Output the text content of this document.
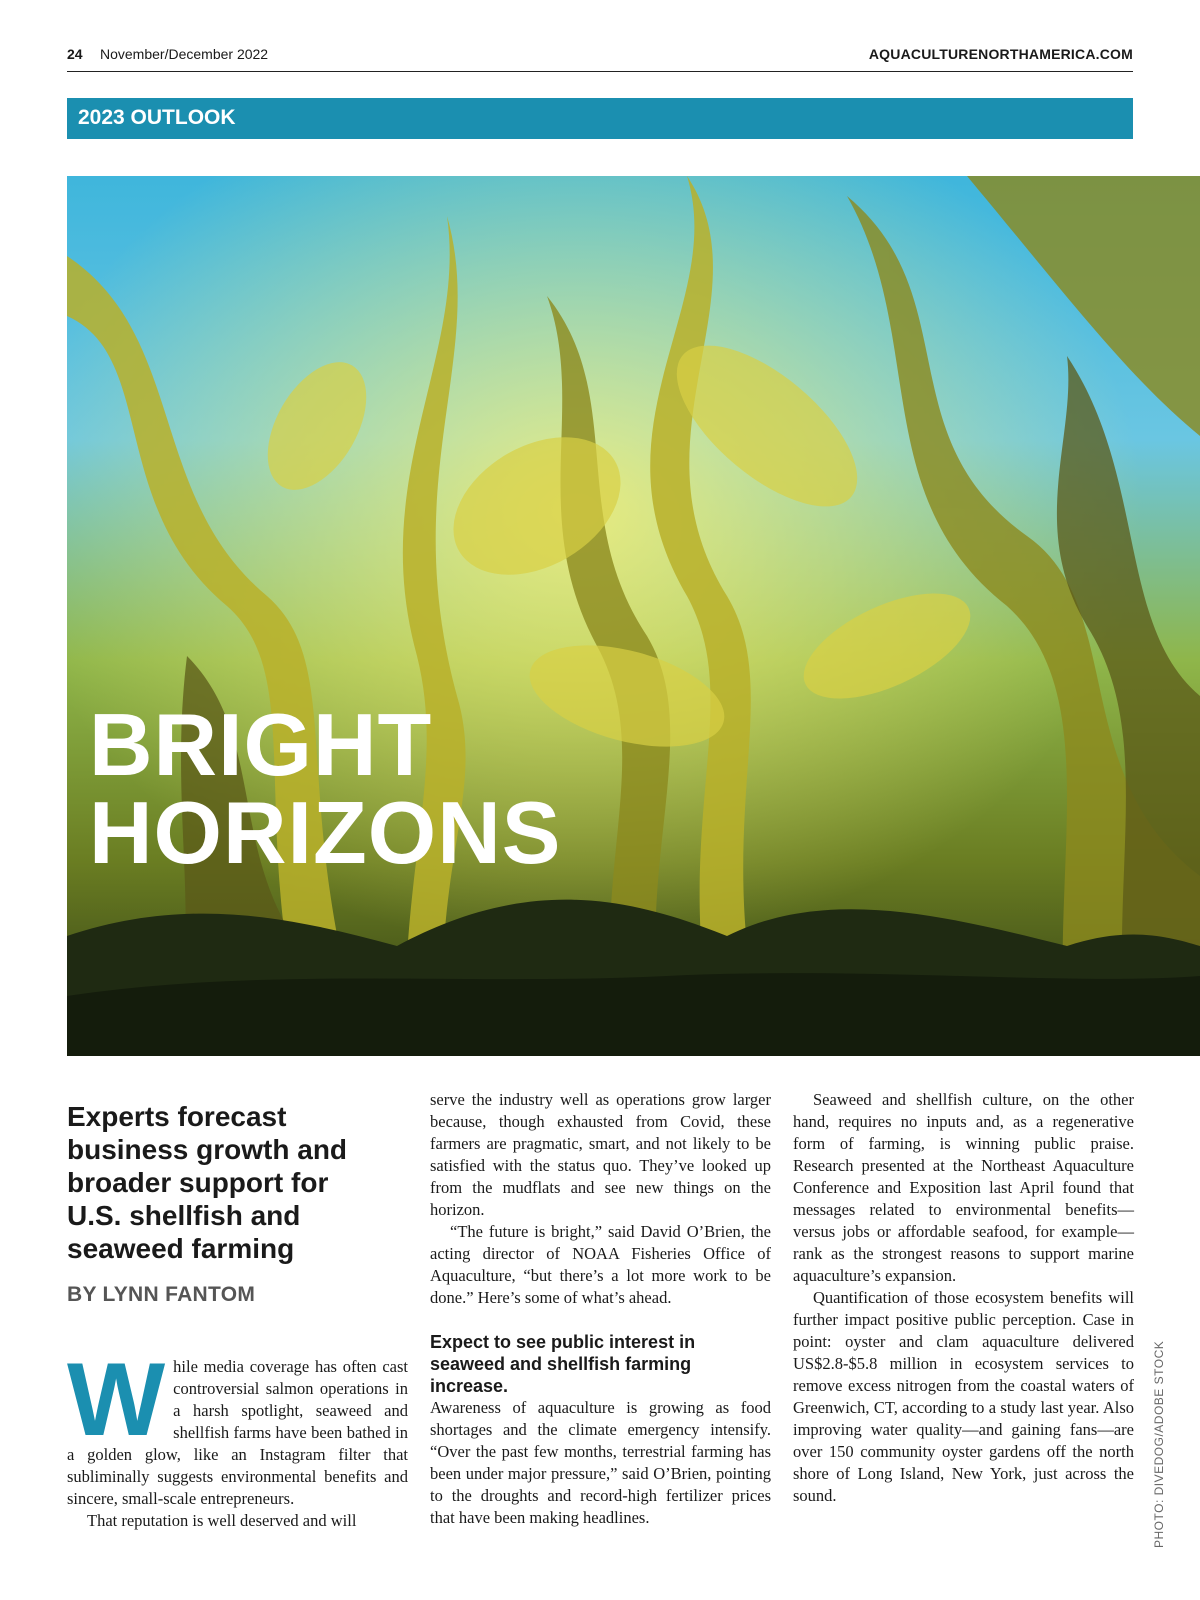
24 November/December 2022	AQUACULTURENORTHAMERICA.COM
2023 OUTLOOK
BRIGHT
HORIZONS
Experts forecast business growth and broader support for U.S. shellfish and seaweed farming
BY LYNN FANTOM

While media coverage has often cast controversial salmon operations in a harsh spotlight, seaweed and shellfish farms have been bathed in a golden glow, like an Instagram filter that subliminally suggests environmental benefits and sincere, small-scale entrepreneurs.

That reputation is well deserved and will

serve the industry well as operations grow larger because, though exhausted from Covid, these farmers are pragmatic, smart, and not likely to be satisfied with the status quo. They’ve looked up from the mudflats and see new things on the horizon.

“The future is bright,” said David O’Brien, the acting director of NOAA Fisheries Office of Aquaculture, “but there’s a lot more work to be done.” Here’s some of what’s ahead.

Expect to see public interest in seaweed and shellfish farming increase.

Awareness of aquaculture is growing as food shortages and the climate emergency intensify. “Over the past few months, terrestrial farming has been under major pressure,” said O’Brien, pointing to the droughts and record-high fertilizer prices that have been making headlines.

Seaweed and shellfish culture, on the other hand, requires no inputs and, as a regenerative form of farming, is winning public praise. Research presented at the Northeast Aquaculture Conference and Exposition last April found that messages related to environmental benefits—versus jobs or affordable seafood, for example—rank as the strongest reasons to support marine aquaculture’s expansion.

Quantification of those ecosystem benefits will further impact positive public perception. Case in point: oyster and clam aquaculture delivered US$2.8-$5.8 million in ecosystem services to remove excess nitrogen from the coastal waters of Greenwich, CT, according to a study last year. Also improving water quality—and gaining fans—are over 150 community oyster gardens off the north shore of Long Island, New York, just across the sound.	PHOTO: DIVEDOG/ADOBE STOCK
